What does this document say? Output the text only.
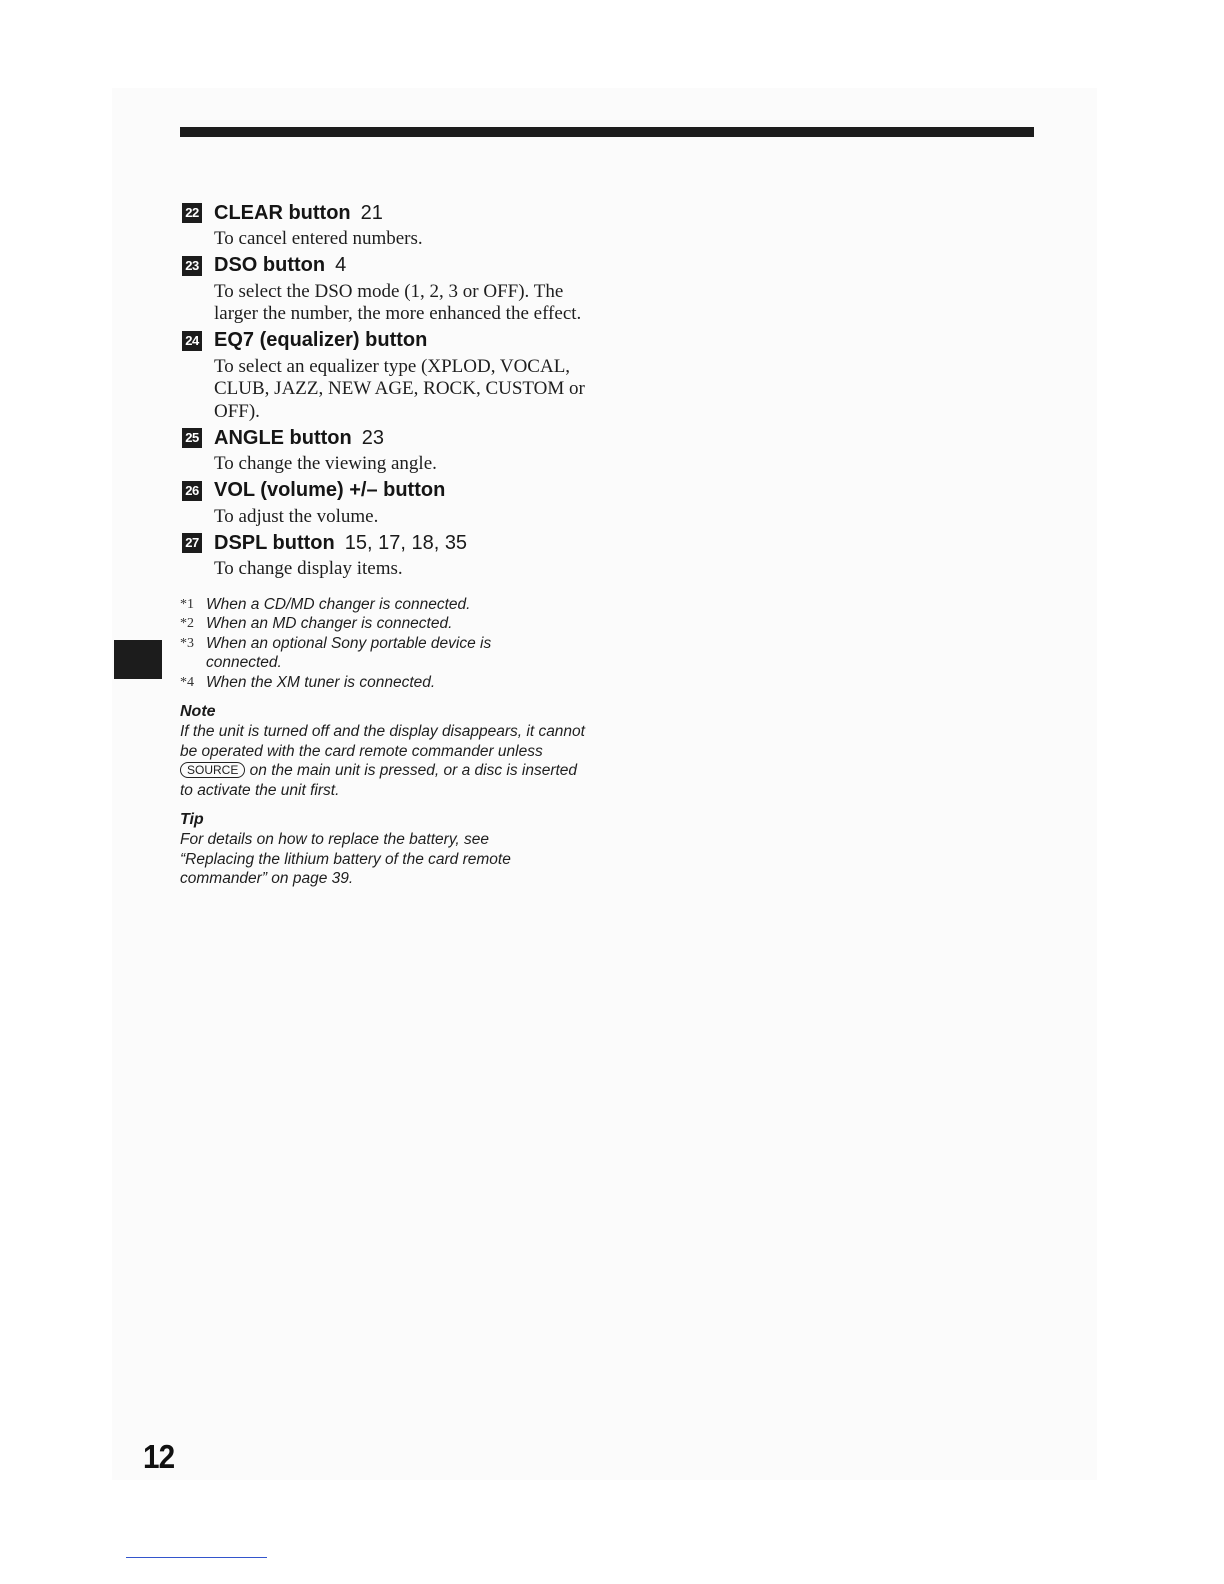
22 CLEAR button 21

To cancel entered numbers.

23 DSO button 4

To select the DSO mode (1, 2, 3 or OFF). The larger the number, the more enhanced the effect.

24 EQ7 (equalizer) button

To select an equalizer type (XPLOD, VOCAL, CLUB, JAZZ, NEW AGE, ROCK, CUSTOM or OFF).

25 ANGLE button 23

To change the viewing angle.

26 VOL (volume) +/– button

To adjust the volume.

27 DSPL button 15, 17, 18, 35

To change display items.

*1 When a CD/MD changer is connected.
*2 When an MD changer is connected.
*3 When an optional Sony portable device is connected.
*4 When the XM tuner is connected.
Note
If the unit is turned off and the display disappears, it cannot be operated with the card remote commander unless SOURCE on the main unit is pressed, or a disc is inserted to activate the unit first.
Tip
For details on how to replace the battery, see “Replacing the lithium battery of the card remote commander” on page 39.
12
